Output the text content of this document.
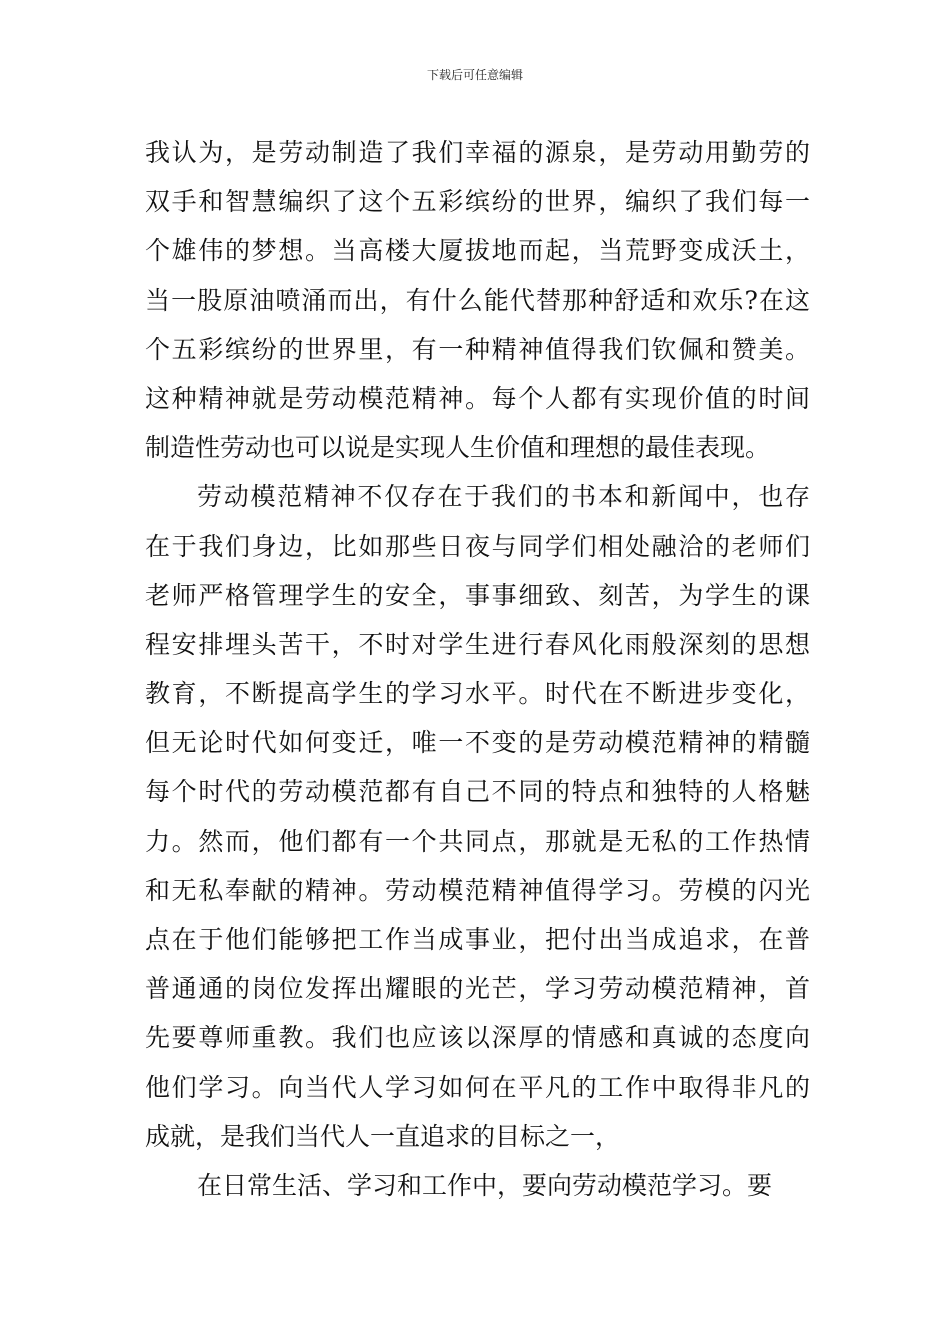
下载后可任意编辑
我认为，是劳动制造了我们幸福的源泉，是劳动用勤劳的
双手和智慧编织了这个五彩缤纷的世界，编织了我们每一
个雄伟的梦想。当高楼大厦拔地而起，当荒野变成沃土，
当一股原油喷涌而出，有什么能代替那种舒适和欢乐?在这
个五彩缤纷的世界里，有一种精神值得我们钦佩和赞美。
这种精神就是劳动模范精神。每个人都有实现价值的时间
制造性劳动也可以说是实现人生价值和理想的最佳表现。
劳动模范精神不仅存在于我们的书本和新闻中，也存
在于我们身边，比如那些日夜与同学们相处融洽的老师们
老师严格管理学生的安全，事事细致、刻苦，为学生的课
程安排埋头苦干，不时对学生进行春风化雨般深刻的思想
教育，不断提高学生的学习水平。时代在不断进步变化，
但无论时代如何变迁，唯一不变的是劳动模范精神的精髓
每个时代的劳动模范都有自己不同的特点和独特的人格魅
力。然而，他们都有一个共同点，那就是无私的工作热情
和无私奉献的精神。劳动模范精神值得学习。劳模的闪光
点在于他们能够把工作当成事业，把付出当成追求，在普
普通通的岗位发挥出耀眼的光芒，学习劳动模范精神，首
先要尊师重教。我们也应该以深厚的情感和真诚的态度向
他们学习。向当代人学习如何在平凡的工作中取得非凡的
成就，是我们当代人一直追求的目标之一，
在日常生活、学习和工作中，要向劳动模范学习。要
